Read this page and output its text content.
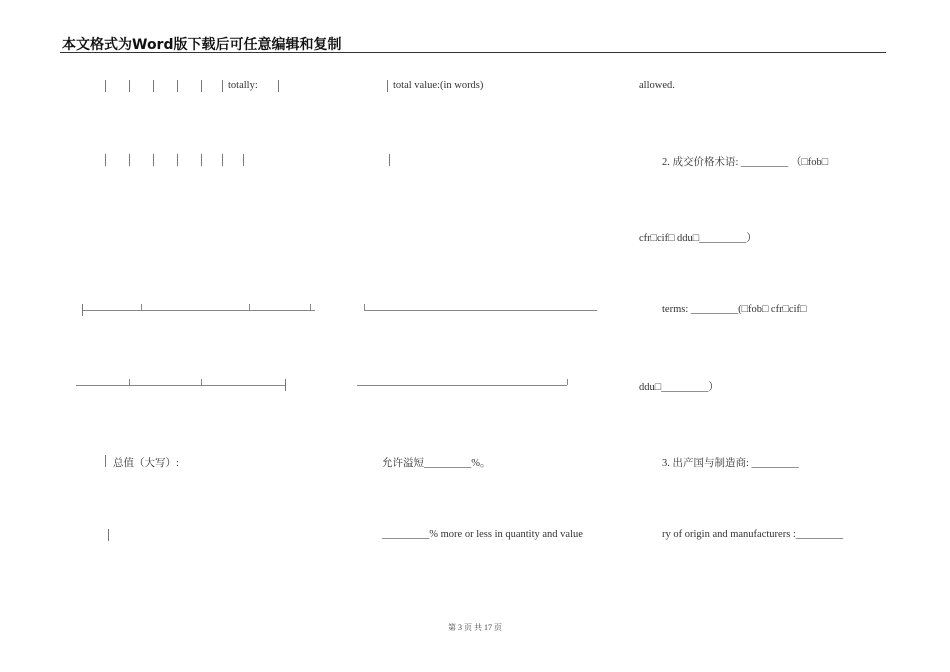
本文格式为Word版下载后可任意编辑和复制
totally:
总值（大写）:
total value:(in words)
允许溢短_________%。
_________% more or less in quantity and value
allowed.
2. 成交价格术语: _________ （□fob□
cfr□cif□ ddu□_________）
terms: _________(□fob□ cfr□cif□
ddu□_________）
3. 出产国与制造商: _________
ry of origin and manufacturers :_________
第 3 页 共 17 页
